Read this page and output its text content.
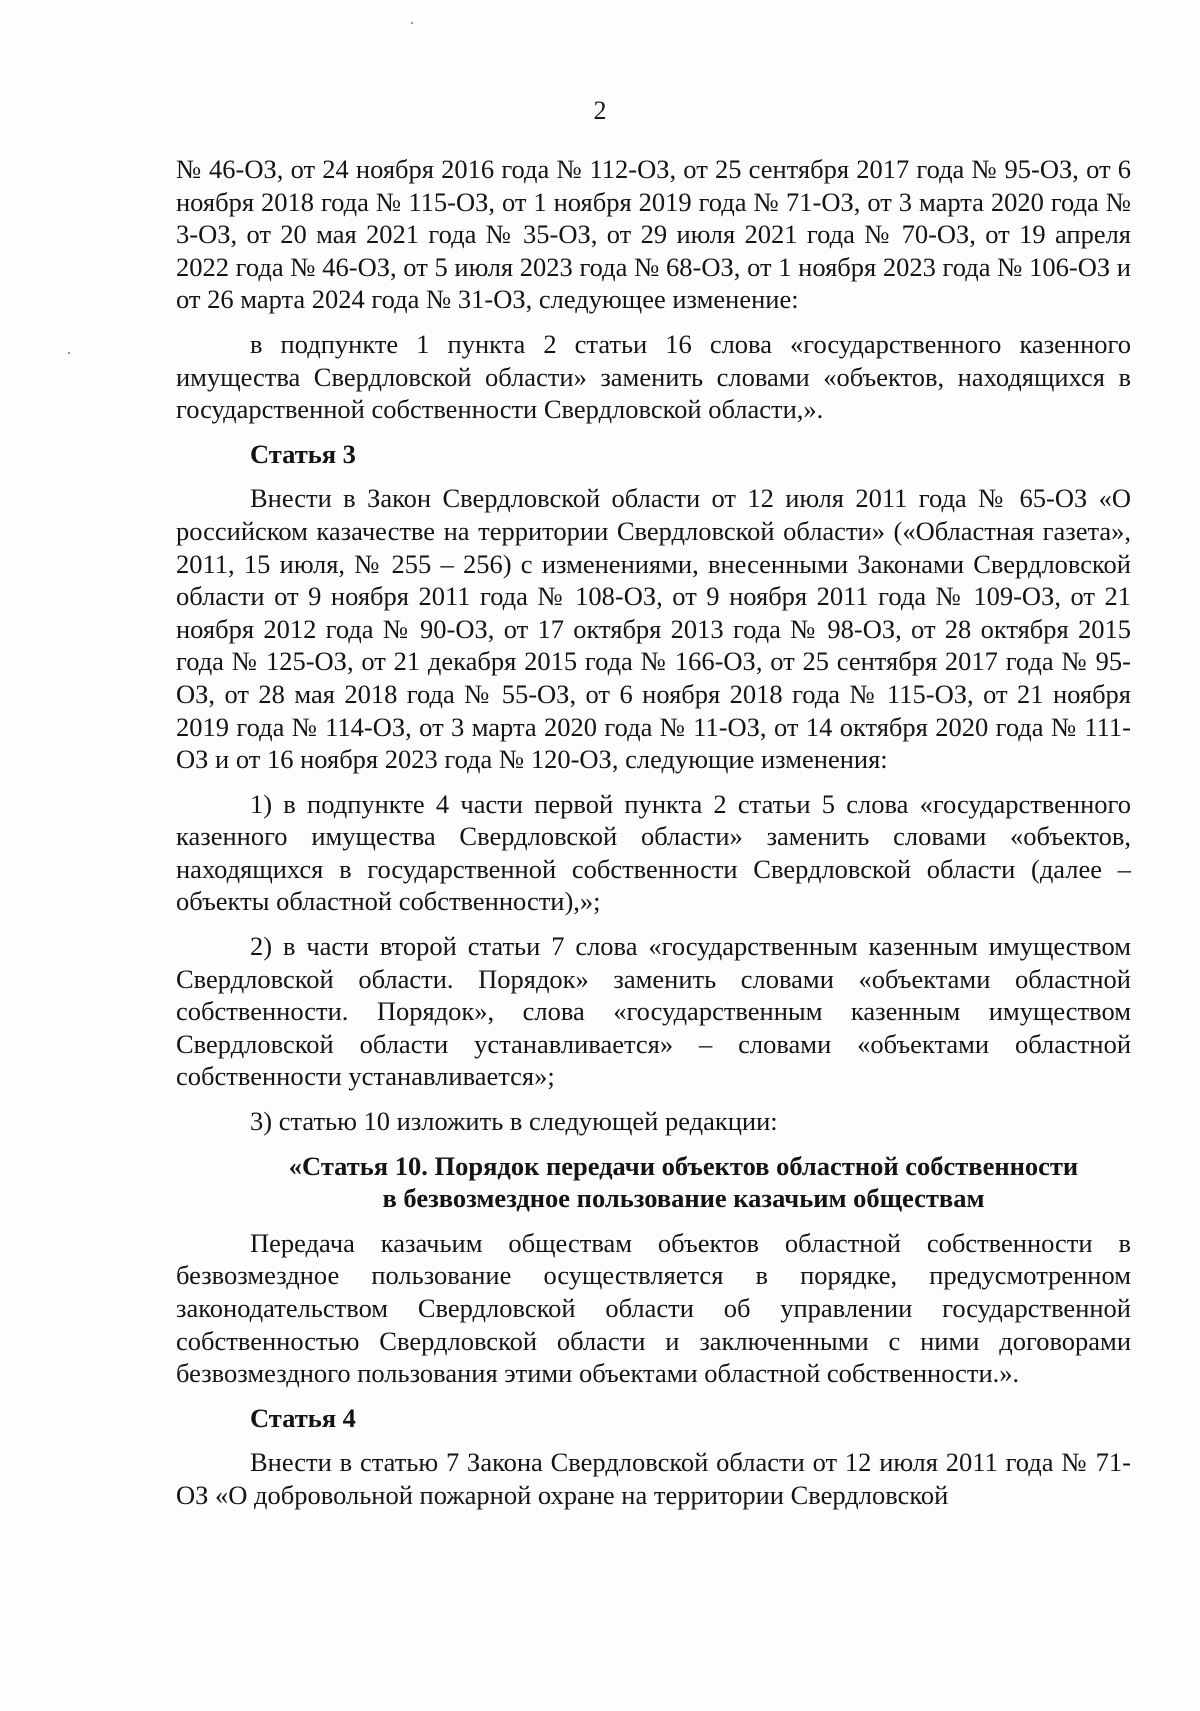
2

№ 46-ОЗ, от 24 ноября 2016 года № 112-ОЗ, от 25 сентября 2017 года № 95-ОЗ, от 6 ноября 2018 года № 115-ОЗ, от 1 ноября 2019 года № 71-ОЗ, от 3 марта 2020 года № 3-ОЗ, от 20 мая 2021 года № 35-ОЗ, от 29 июля 2021 года № 70-ОЗ, от 19 апреля 2022 года № 46-ОЗ, от 5 июля 2023 года № 68-ОЗ, от 1 ноября 2023 года № 106-ОЗ и от 26 марта 2024 года № 31-ОЗ, следующее изменение:

в подпункте 1 пункта 2 статьи 16 слова «государственного казенного имущества Свердловской области» заменить словами «объектов, находящихся в государственной собственности Свердловской области,».

Статья 3

Внести в Закон Свердловской области от 12 июля 2011 года № 65-ОЗ «О российском казачестве на территории Свердловской области» («Областная газета», 2011, 15 июля, № 255 – 256) с изменениями, внесенными Законами Свердловской области от 9 ноября 2011 года № 108-ОЗ, от 9 ноября 2011 года № 109-ОЗ, от 21 ноября 2012 года № 90-ОЗ, от 17 октября 2013 года № 98-ОЗ, от 28 октября 2015 года № 125-ОЗ, от 21 декабря 2015 года № 166-ОЗ, от 25 сентября 2017 года № 95-ОЗ, от 28 мая 2018 года № 55-ОЗ, от 6 ноября 2018 года № 115-ОЗ, от 21 ноября 2019 года № 114-ОЗ, от 3 марта 2020 года № 11-ОЗ, от 14 октября 2020 года № 111-ОЗ и от 16 ноября 2023 года № 120-ОЗ, следующие изменения:

1) в подпункте 4 части первой пункта 2 статьи 5 слова «государственного казенного имущества Свердловской области» заменить словами «объектов, находящихся в государственной собственности Свердловской области (далее – объекты областной собственности),»;

2) в части второй статьи 7 слова «государственным казенным имуществом Свердловской области. Порядок» заменить словами «объектами областной собственности. Порядок», слова «государственным казенным имуществом Свердловской области устанавливается» – словами «объектами областной собственности устанавливается»;

3) статью 10 изложить в следующей редакции:

«Статья 10. Порядок передачи объектов областной собственности
в безвозмездное пользование казачьим обществам

Передача казачьим обществам объектов областной собственности в безвозмездное пользование осуществляется в порядке, предусмотренном законодательством Свердловской области об управлении государственной собственностью Свердловской области и заключенными с ними договорами безвозмездного пользования этими объектами областной собственности.».

Статья 4

Внести в статью 7 Закона Свердловской области от 12 июля 2011 года № 71-ОЗ «О добровольной пожарной охране на территории Свердловской
